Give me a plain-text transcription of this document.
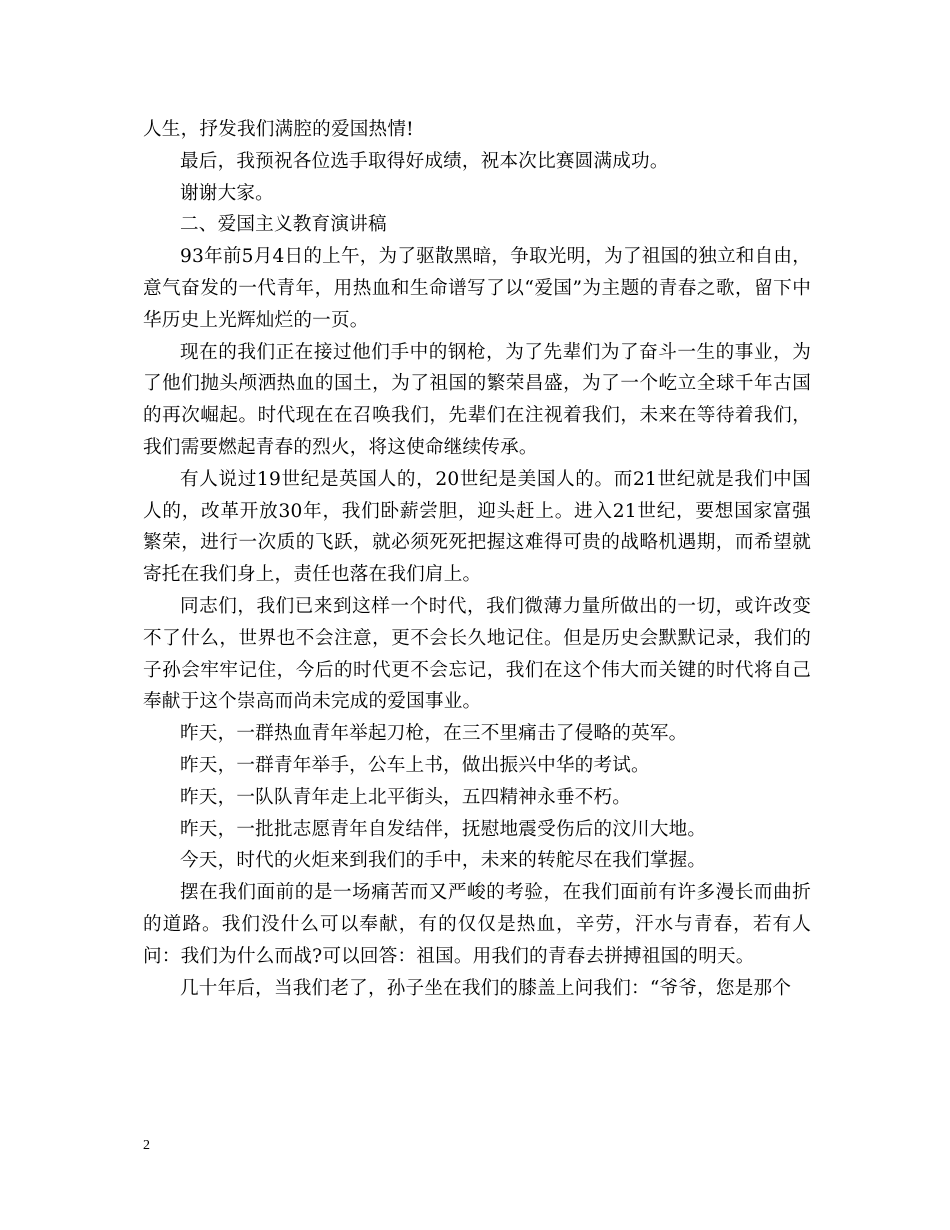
人生，抒发我们满腔的爱国热情!

最后，我预祝各位选手取得好成绩，祝本次比赛圆满成功。

谢谢大家。

二、爱国主义教育演讲稿

93年前5月4日的上午，为了驱散黑暗，争取光明，为了祖国的独立和自由，意气奋发的一代青年，用热血和生命谱写了以“爱国”为主题的青春之歌，留下中华历史上光辉灿烂的一页。

现在的我们正在接过他们手中的钢枪，为了先辈们为了奋斗一生的事业，为了他们抛头颅洒热血的国土，为了祖国的繁荣昌盛，为了一个屹立全球千年古国的再次崛起。时代现在在召唤我们，先辈们在注视着我们，未来在等待着我们，我们需要燃起青春的烈火，将这使命继续传承。

有人说过19世纪是英国人的，20世纪是美国人的。而21世纪就是我们中国人的，改革开放30年，我们卧薪尝胆，迎头赶上。进入21世纪，要想国家富强繁荣，进行一次质的飞跃，就必须死死把握这难得可贵的战略机遇期，而希望就寄托在我们身上，责任也落在我们肩上。

同志们，我们已来到这样一个时代，我们微薄力量所做出的一切，或许改变不了什么，世界也不会注意，更不会长久地记住。但是历史会默默记录，我们的子孙会牢牢记住，今后的时代更不会忘记，我们在这个伟大而关键的时代将自己奉献于这个崇高而尚未完成的爱国事业。

昨天，一群热血青年举起刀枪，在三不里痛击了侵略的英军。

昨天，一群青年举手，公车上书，做出振兴中华的考试。

昨天，一队队青年走上北平街头，五四精神永垂不朽。

昨天，一批批志愿青年自发结伴，抚慰地震受伤后的汶川大地。

今天，时代的火炬来到我们的手中，未来的转舵尽在我们掌握。

摆在我们面前的是一场痛苦而又严峻的考验，在我们面前有许多漫长而曲折的道路。我们没什么可以奉献，有的仅仅是热血，辛劳，汗水与青春，若有人问：我们为什么而战?可以回答：祖国。用我们的青春去拼搏祖国的明天。

几十年后，当我们老了，孙子坐在我们的膝盖上问我们：“爷爷，您是那个

2
